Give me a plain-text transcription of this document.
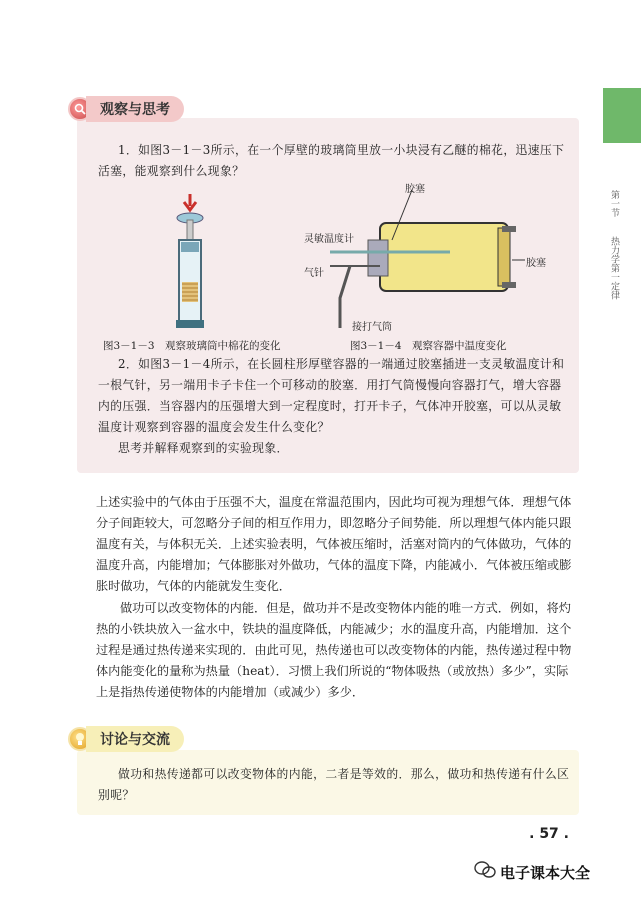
第一节  热力学第一定律
观察与思考

1．如图3－1－3所示，在一个厚壁的玻璃筒里放一小块浸有乙醚的棉花，迅速压下活塞，能观察到什么现象？

图3－1－3　观察玻璃筒中棉花的变化
胶塞
灵敏温度计
气针
胶塞
接打气筒
图3－1－4　观察容器中温度变化

2．如图3－1－4所示，在长圆柱形厚壁容器的一端通过胶塞插进一支灵敏温度计和一根气针，另一端用卡子卡住一个可移动的胶塞．用打气筒慢慢向容器打气，增大容器内的压强．当容器内的压强增大到一定程度时，打开卡子，气体冲开胶塞，可以从灵敏温度计观察到容器的温度会发生什么变化？

思考并解释观察到的实验现象．

上述实验中的气体由于压强不大，温度在常温范围内，因此均可视为理想气体．理想气体分子间距较大，可忽略分子间的相互作用力，即忽略分子间势能．所以理想气体内能只跟温度有关，与体积无关．上述实验表明，气体被压缩时，活塞对筒内的气体做功，气体的温度升高，内能增加；气体膨胀对外做功，气体的温度下降，内能减小．气体被压缩或膨胀时做功，气体的内能就发生变化．

做功可以改变物体的内能．但是，做功并不是改变物体内能的唯一方式．例如，将灼热的小铁块放入一盆水中，铁块的温度降低，内能减少；水的温度升高，内能增加．这个过程是通过热传递来实现的．由此可见，热传递也可以改变物体的内能，热传递过程中物体内能变化的量称为热量（heat）．习惯上我们所说的“物体吸热（或放热）多少”，实际上是指热传递使物体的内能增加（或减少）多少．

讨论与交流

做功和热传递都可以改变物体的内能，二者是等效的．那么，做功和热传递有什么区别呢？

. 57 .
电子课本大全
